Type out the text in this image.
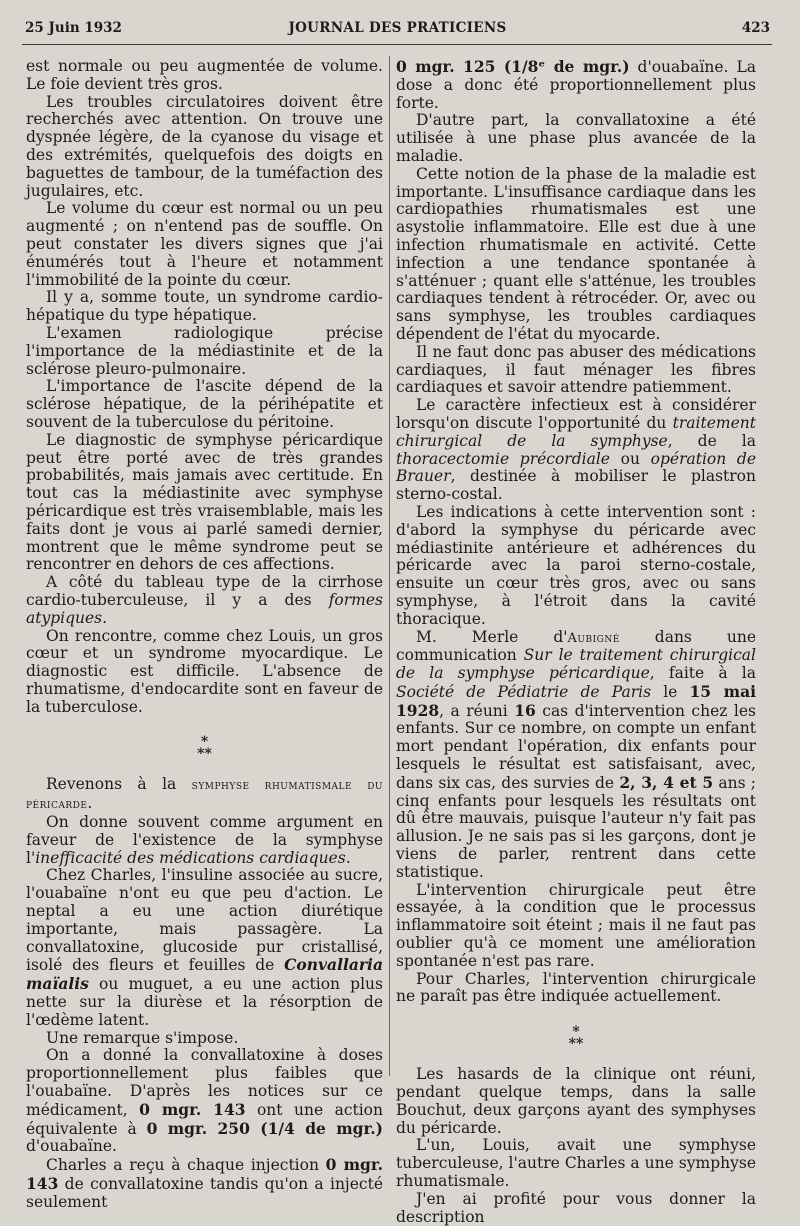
25 Juin 1932	JOURNAL DES PRATICIENS	423

est normale ou peu augmentée de volume. Le foie devient très gros.

Les troubles circulatoires doivent être recherchés avec attention. On trouve une dyspnée légère, de la cyanose du visage et des extrémités, quelquefois des doigts en baguettes de tambour, de la tuméfaction des jugulaires, etc.

Le volume du cœur est normal ou un peu augmenté ; on n'entend pas de souffle. On peut constater les divers signes que j'ai énumérés tout à l'heure et notamment l'immobilité de la pointe du cœur.

Il y a, somme toute, un syndrome cardio-hépatique du type hépatique.

L'examen radiologique précise l'importance de la médiastinite et de la sclérose pleuro-pulmonaire.

L'importance de l'ascite dépend de la sclérose hépatique, de la périhépatite et souvent de la tuberculose du péritoine.

Le diagnostic de symphyse péricardique peut être porté avec de très grandes probabilités, mais jamais avec certitude. En tout cas la médiastinite avec symphyse péricardique est très vraisemblable, mais les faits dont je vous ai parlé samedi dernier, montrent que le même syndrome peut se rencontrer en dehors de ces affections.

A côté du tableau type de la cirrhose cardio-tuberculeuse, il y a des formes atypiques.

On rencontre, comme chez Louis, un gros cœur et un syndrome myocardique. Le diagnostic est difficile. L'absence de rhumatisme, d'endocardite sont en faveur de la tuberculose.

*
**

Revenons à la symphyse rhumatismale du péricarde.

On donne souvent comme argument en faveur de l'existence de la symphyse l'inefficacité des médications cardiaques.

Chez Charles, l'insuline associée au sucre, l'ouabaïne n'ont eu que peu d'action. Le neptal a eu une action diurétique importante, mais passagère. La convallatoxine, glucoside pur cristallisé, isolé des fleurs et feuilles de Convallaria maïalis ou muguet, a eu une action plus nette sur la diurèse et la résorption de l'œdème latent.

Une remarque s'impose.

On a donné la convallatoxine à doses proportionnellement plus faibles que l'ouabaïne. D'après les notices sur ce médicament, 0 mgr. 143 ont une action équivalente à 0 mgr. 250 (1/4 de mgr.) d'ouabaïne.

Charles a reçu à chaque injection 0 mgr. 143 de convallatoxine tandis qu'on a injecté seulement

0 mgr. 125 (1/8ᵉ de mgr.) d'ouabaïne. La dose a donc été proportionnellement plus forte.

D'autre part, la convallatoxine a été utilisée à une phase plus avancée de la maladie.

Cette notion de la phase de la maladie est importante. L'insuffisance cardiaque dans les cardiopathies rhumatismales est une asystolie inflammatoire. Elle est due à une infection rhumatismale en activité. Cette infection a une tendance spontanée à s'atténuer ; quant elle s'atténue, les troubles cardiaques tendent à rétrocéder. Or, avec ou sans symphyse, les troubles cardiaques dépendent de l'état du myocarde.

Il ne faut donc pas abuser des médications cardiaques, il faut ménager les fibres cardiaques et savoir attendre patiemment.

Le caractère infectieux est à considérer lorsqu'on discute l'opportunité du traitement chirurgical de la symphyse, de la thoracectomie précordiale ou opération de Brauer, destinée à mobiliser le plastron sterno-costal.

Les indications à cette intervention sont : d'abord la symphyse du péricarde avec médiastinite antérieure et adhérences du péricarde avec la paroi sterno-costale, ensuite un cœur très gros, avec ou sans symphyse, à l'étroit dans la cavité thoracique.

M. Merle d'Aubigné dans une communication Sur le traitement chirurgical de la symphyse péricardique, faite à la Société de Pédiatrie de Paris le 15 mai 1928, a réuni 16 cas d'intervention chez les enfants. Sur ce nombre, on compte un enfant mort pendant l'opération, dix enfants pour lesquels le résultat est satisfaisant, avec, dans six cas, des survies de 2, 3, 4 et 5 ans ; cinq enfants pour lesquels les résultats ont dû être mauvais, puisque l'auteur n'y fait pas allusion. Je ne sais pas si les garçons, dont je viens de parler, rentrent dans cette statistique.

L'intervention chirurgicale peut être essayée, à la condition que le processus inflammatoire soit éteint ; mais il ne faut pas oublier qu'à ce moment une amélioration spontanée n'est pas rare.

Pour Charles, l'intervention chirurgicale ne paraît pas être indiquée actuellement.

*
**

Les hasards de la clinique ont réuni, pendant quelque temps, dans la salle Bouchut, deux garçons ayant des symphyses du péricarde.

L'un, Louis, avait une symphyse tuberculeuse, l'autre Charles a une symphyse rhumatismale.

J'en ai profité pour vous donner la description
